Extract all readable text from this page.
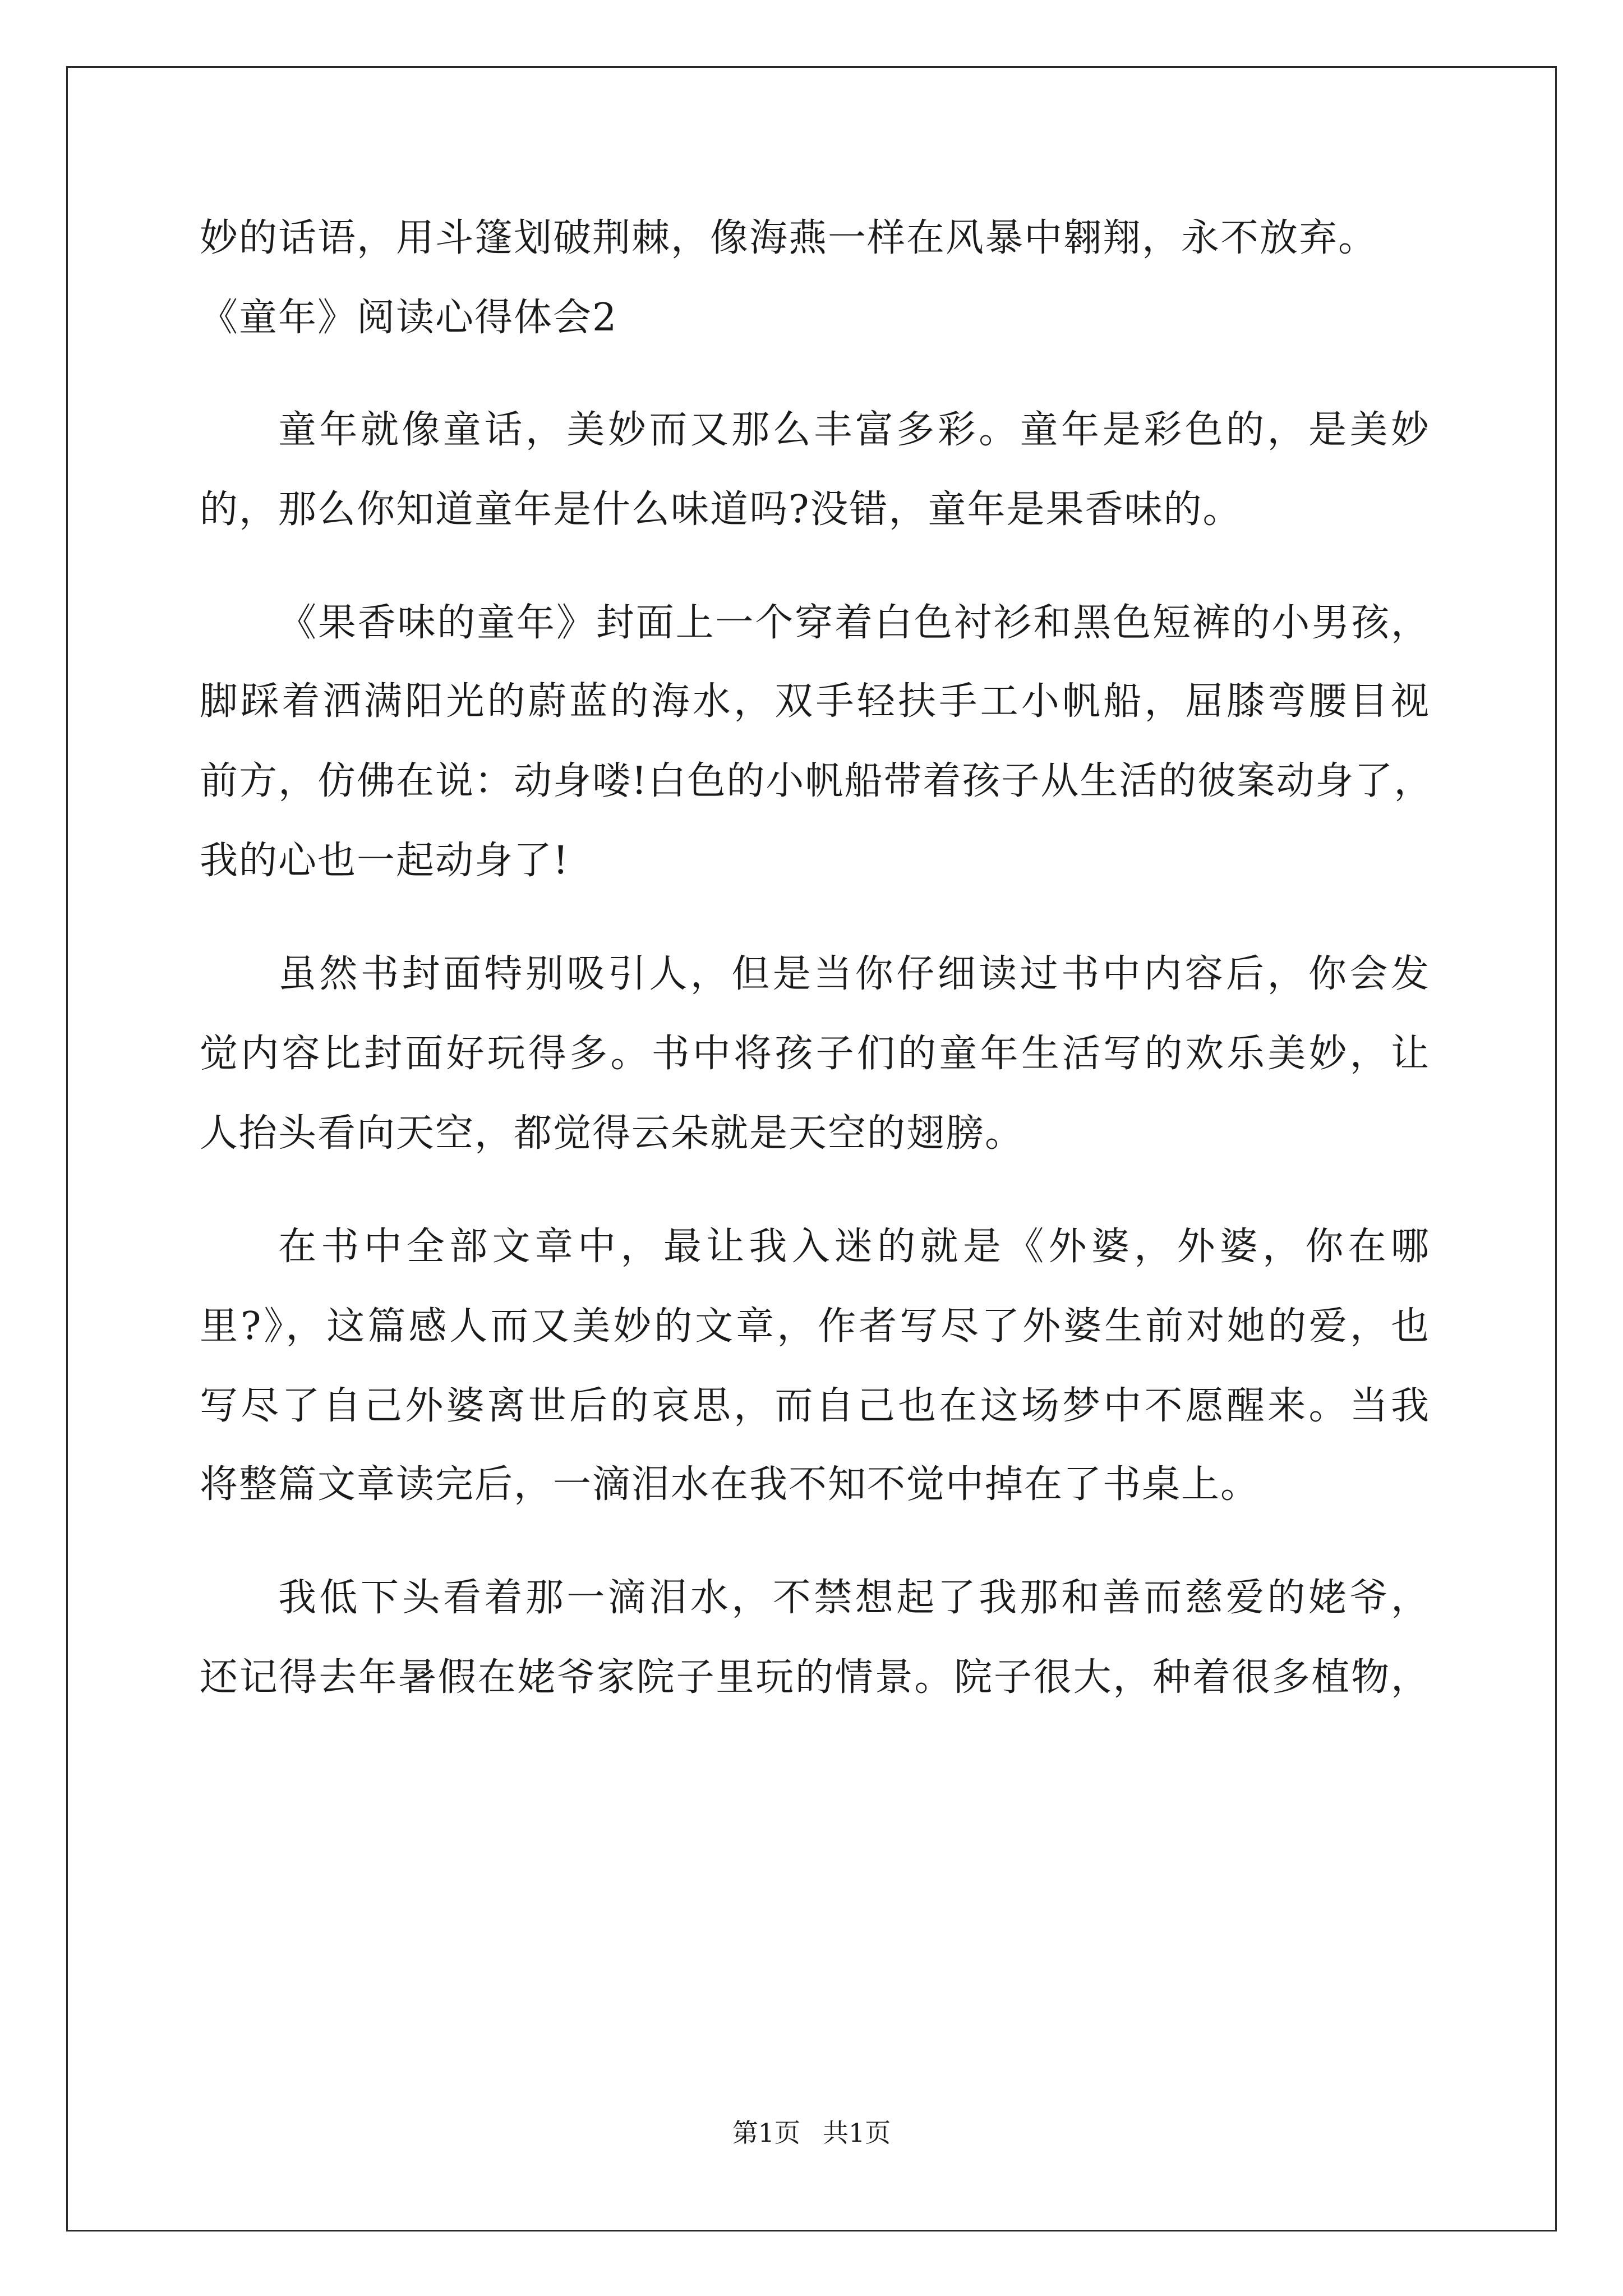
妙的话语，用斗篷划破荆棘，像海燕一样在风暴中翱翔，永不放弃。
《童年》阅读心得体会2
童年就像童话，美妙而又那么丰富多彩。童年是彩色的，是美妙
的，那么你知道童年是什么味道吗?没错，童年是果香味的。
《果香味的童年》封面上一个穿着白色衬衫和黑色短裤的小男孩，
脚踩着洒满阳光的蔚蓝的海水，双手轻扶手工小帆船，屈膝弯腰目视
前方，仿佛在说：动身喽!白色的小帆船带着孩子从生活的彼案动身了，
我的心也一起动身了!
虽然书封面特别吸引人，但是当你仔细读过书中内容后，你会发
觉内容比封面好玩得多。书中将孩子们的童年生活写的欢乐美妙，让
人抬头看向天空，都觉得云朵就是天空的翅膀。
在书中全部文章中，最让我入迷的就是《外婆，外婆，你在哪
里?》，这篇感人而又美妙的文章，作者写尽了外婆生前对她的爱，也
写尽了自己外婆离世后的哀思，而自己也在这场梦中不愿醒来。当我
将整篇文章读完后，一滴泪水在我不知不觉中掉在了书桌上。
我低下头看着那一滴泪水，不禁想起了我那和善而慈爱的姥爷，
还记得去年暑假在姥爷家院子里玩的情景。院子很大，种着很多植物，
第1页 共1页
